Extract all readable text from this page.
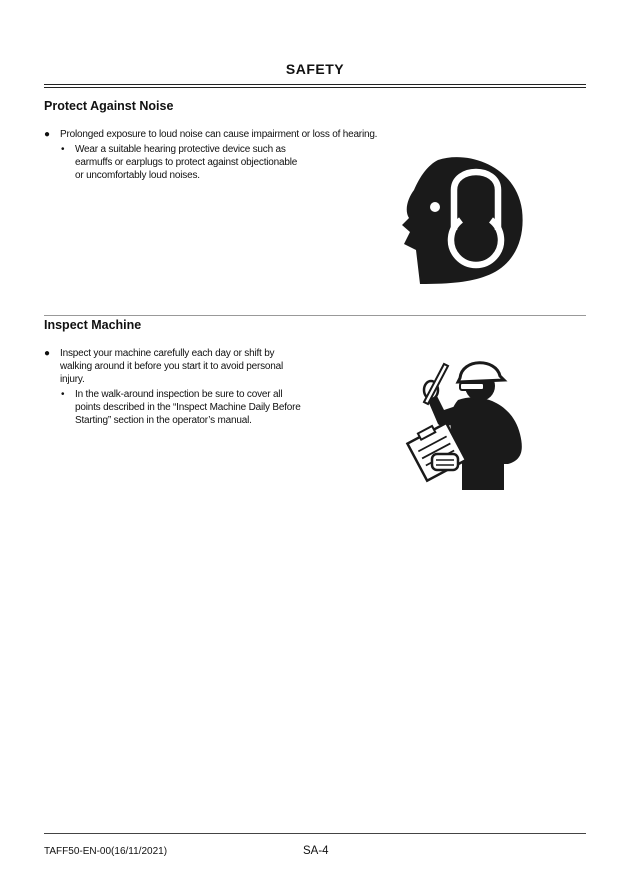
SAFETY
Protect Against Noise
● Prolonged exposure to loud noise can cause impairment or loss of hearing.
• Wear a suitable hearing protective device such as
earmuffs or earplugs to protect against objectionable
or uncomfortably loud noises.
Inspect Machine
● Inspect your machine carefully each day or shift by
walking around it before you start it to avoid personal
injury.
• In the walk-around inspection be sure to cover all
points described in the “Inspect Machine Daily Before
Starting” section in the operator’s manual.
TAFF50-EN-00(16/11/2021)	SA-4
